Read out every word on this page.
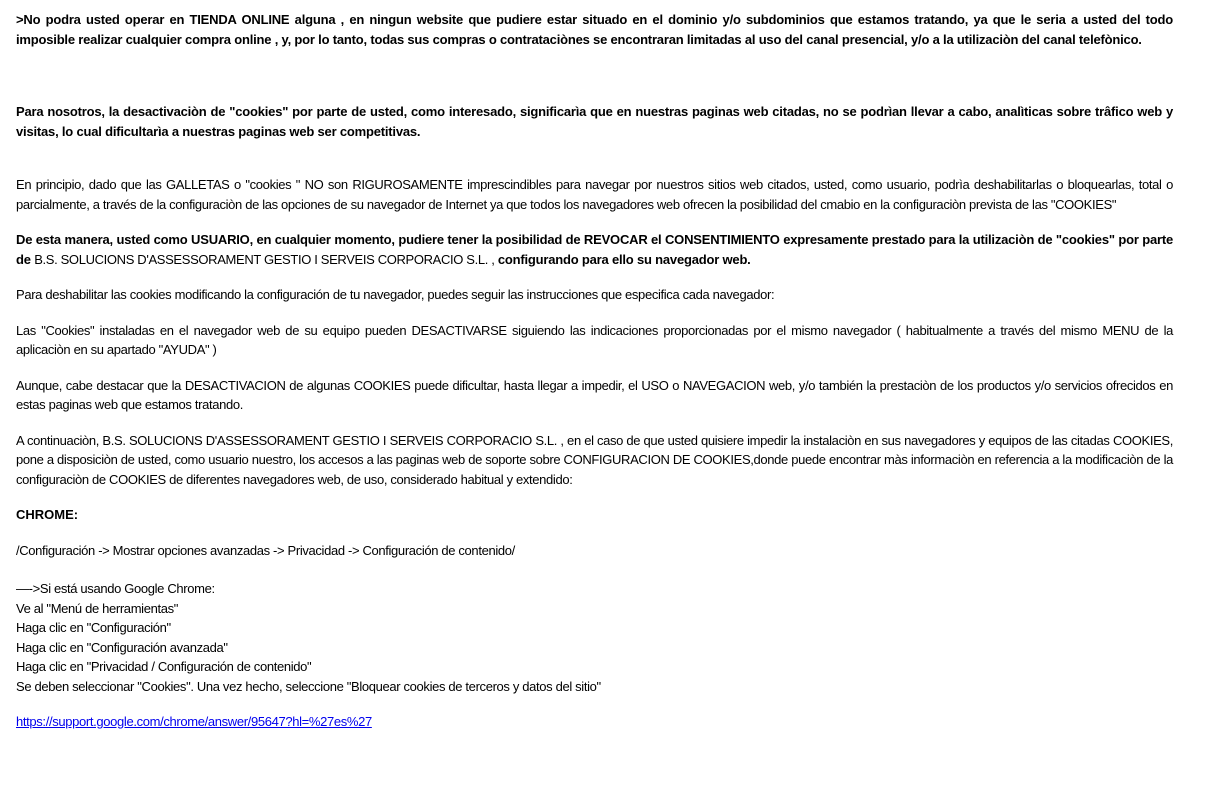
>No podra usted operar en TIENDA ONLINE alguna , en ningun website que pudiere estar situado en el dominio y/o subdominios que estamos tratando, ya que le seria a usted del todo imposible realizar cualquier compra online , y, por lo tanto, todas sus compras o contrataciònes se encontraran limitadas al uso del canal presencial, y/o a la utilizaciòn del canal telefònico.

Para nosotros, la desactivaciòn de "cookies" por parte de usted, como interesado, significarìa que en nuestras paginas web citadas, no se podrìan llevar a cabo, analìticas sobre trâfico web y visitas, lo cual dificultarìa a nuestras paginas web ser competitivas.

En principio, dado que las GALLETAS o "cookies " NO son RIGUROSAMENTE imprescindibles para navegar por nuestros sitios web citados, usted, como usuario, podrìa deshabilitarlas o bloquearlas, total o parcialmente, a través de la configuraciòn de las opciones de su navegador de Internet ya que todos los navegadores web ofrecen la posibilidad del cmabio en la configuraciòn prevista de las "COOKIES"

De esta manera, usted como USUARIO, en cualquier momento, pudiere tener la posibilidad de REVOCAR el CONSENTIMIENTO expresamente prestado para la utilizaciòn de "cookies" por parte de B.S. SOLUCIONS D'ASSESSORAMENT GESTIO I SERVEIS CORPORACIO S.L. , configurando para ello su navegador web.

Para deshabilitar las cookies modificando la configuración de tu navegador, puedes seguir las instrucciones que especifica cada navegador:

Las "Cookies" instaladas en el navegador web de su equipo pueden DESACTIVARSE siguiendo las indicaciones proporcionadas por el mismo navegador ( habitualmente a través del mismo MENU de la aplicaciòn en su apartado "AYUDA" )

Aunque, cabe destacar que la DESACTIVACION de algunas COOKIES puede dificultar, hasta llegar a impedir, el USO o NAVEGACION web, y/o también la prestaciòn de los productos y/o servicios ofrecidos en estas paginas web que estamos tratando.

A continuaciòn, B.S. SOLUCIONS D'ASSESSORAMENT GESTIO I SERVEIS CORPORACIO S.L. , en el caso de que usted quisiere impedir la instalaciòn en sus navegadores y equipos de las citadas COOKIES, pone a disposiciòn de usted, como usuario nuestro, los accesos a las paginas web de soporte sobre CONFIGURACION DE COOKIES,donde puede encontrar màs informaciòn en referencia a la modificaciòn de la configuraciòn de COOKIES de diferentes navegadores web, de uso, considerado habitual y extendido:

CHROME:

/Configuración -> Mostrar opciones avanzadas -> Privacidad -> Configuración de contenido/

—->Si está usando Google Chrome:
Ve al "Menú de herramientas"
Haga clic en "Configuración"
Haga clic en "Configuración avanzada"
Haga clic en "Privacidad / Configuración de contenido"
Se deben seleccionar "Cookies". Una vez hecho, seleccione "Bloquear cookies de terceros y datos del sitio"

https://support.google.com/chrome/answer/95647?hl=%27es%27
